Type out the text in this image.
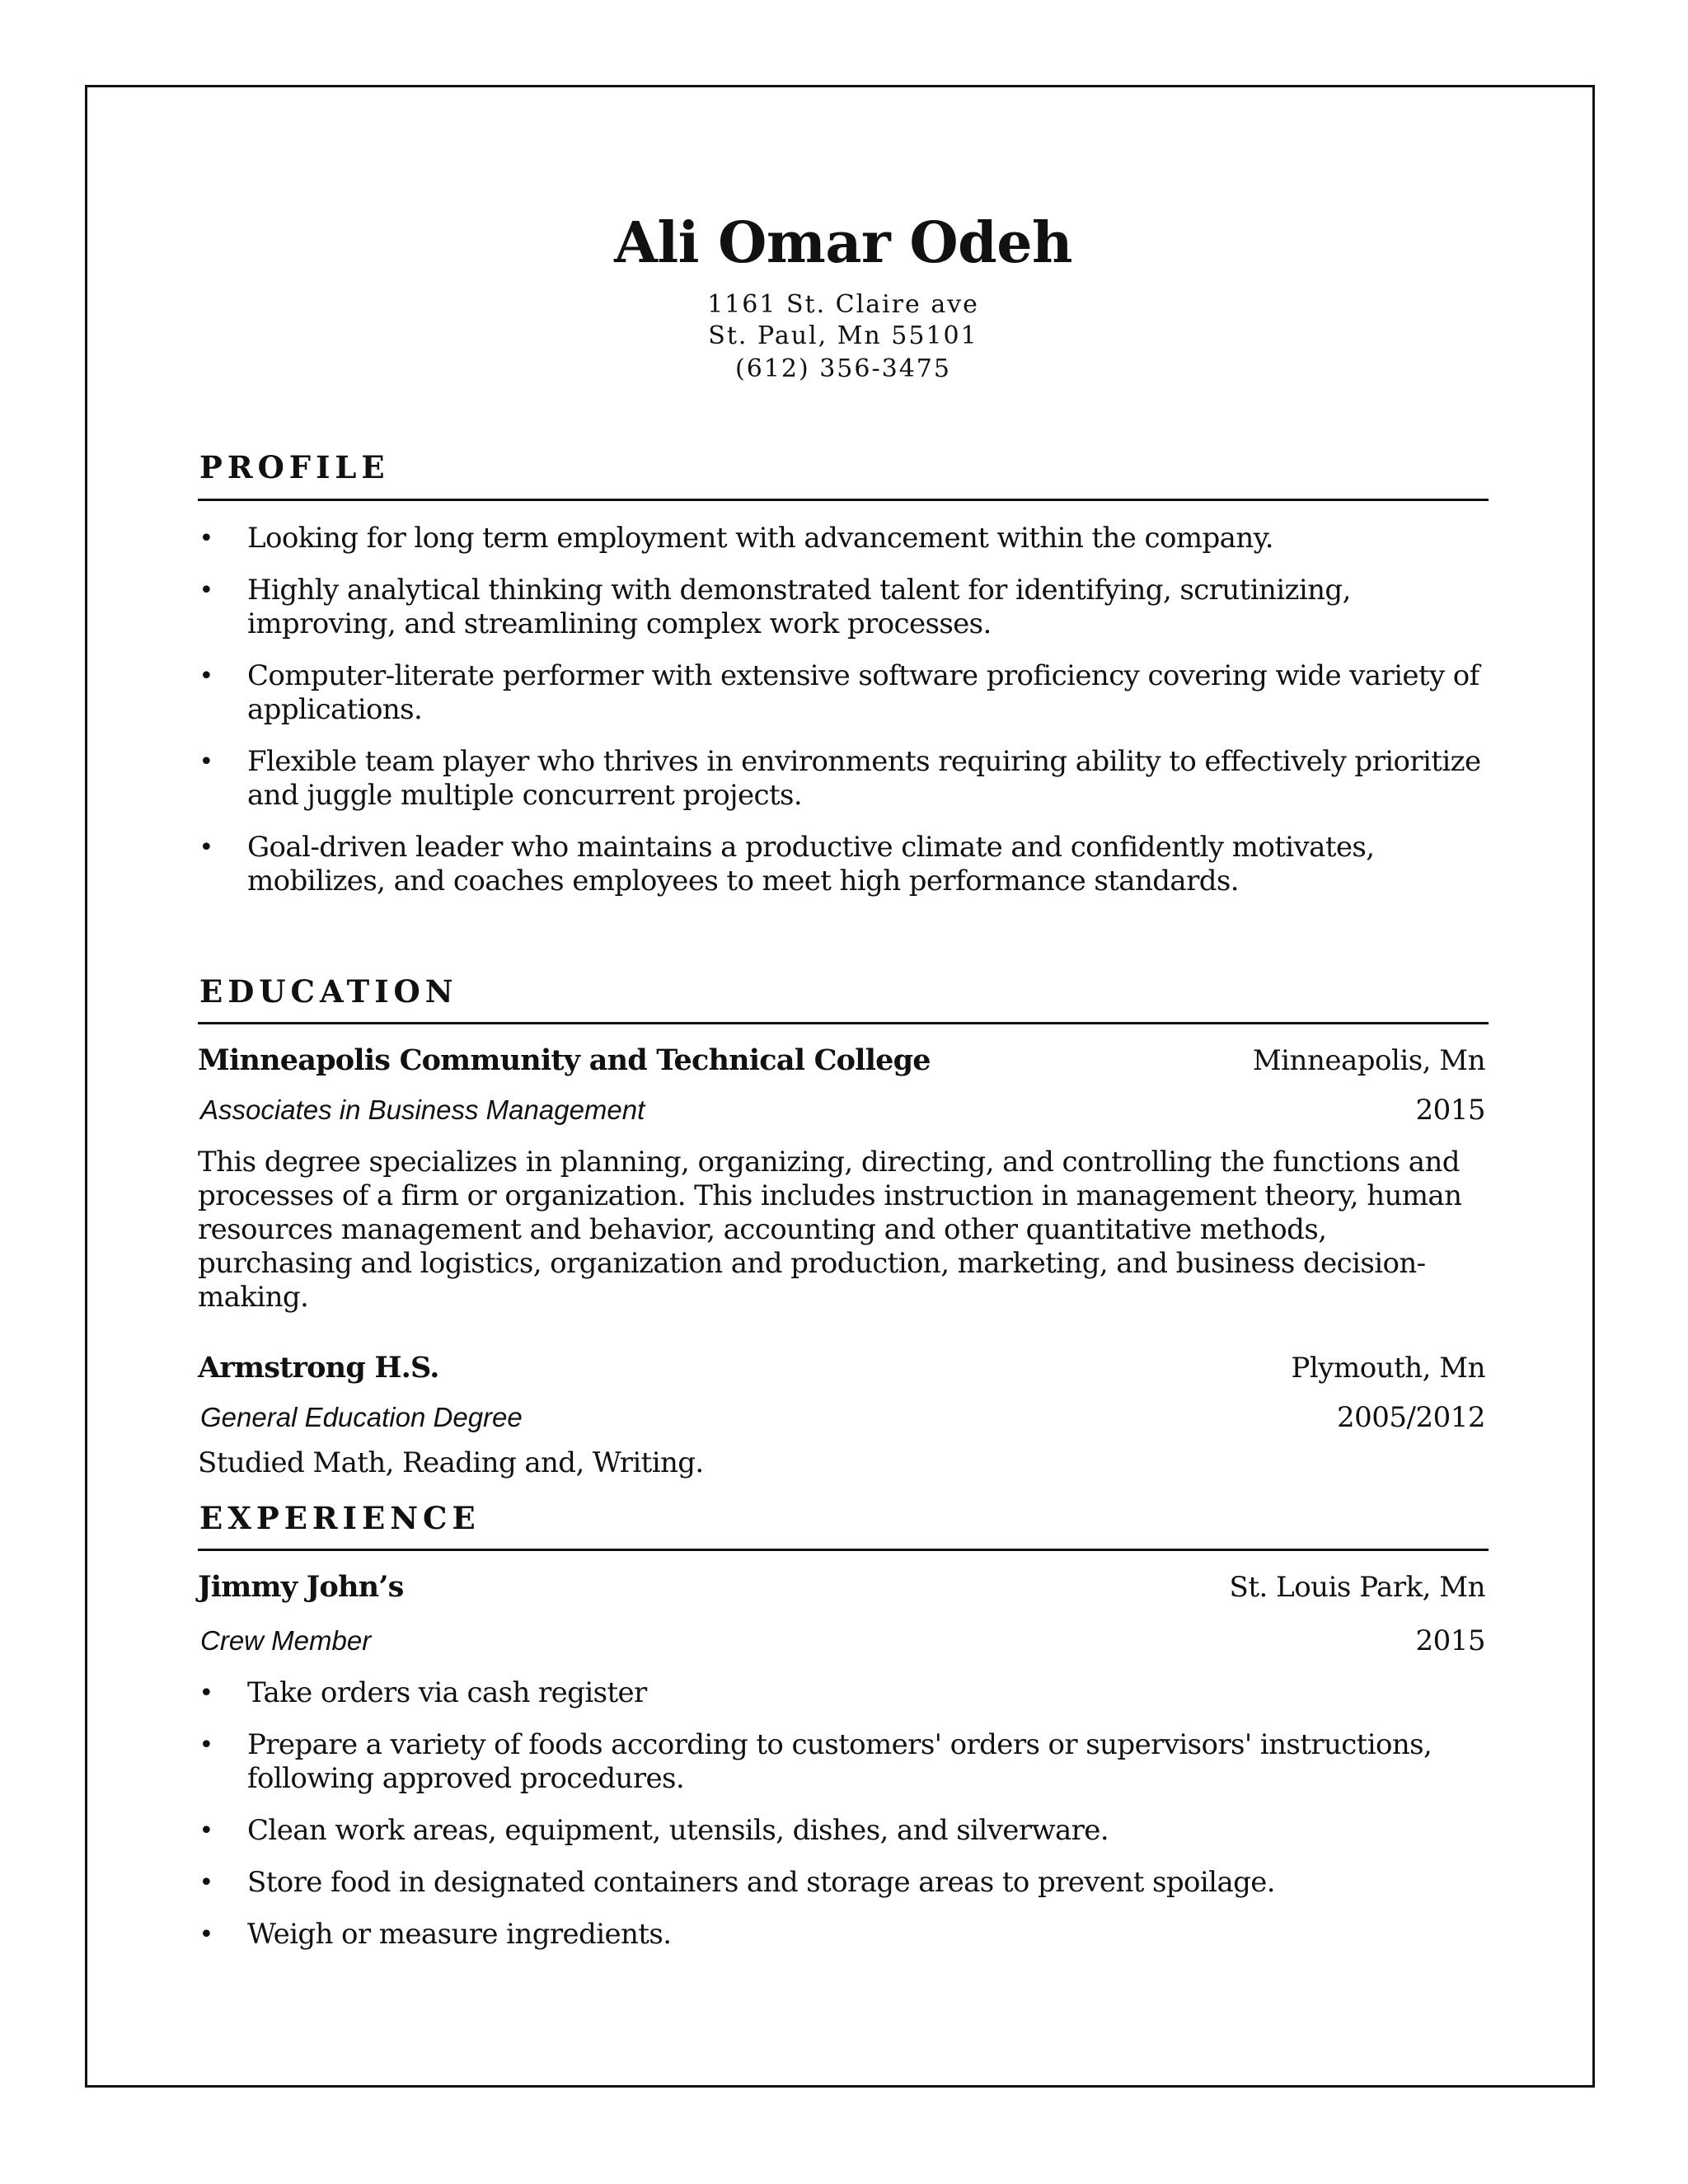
Ali Omar Odeh
1161 St. Claire ave
St. Paul, Mn 55101
(612) 356-3475
PROFILE
• Looking for long term employment with advancement within the company.
• Highly analytical thinking with demonstrated talent for identifying, scrutinizing, improving, and streamlining complex work processes.
• Computer-literate performer with extensive software proficiency covering wide variety of applications.
• Flexible team player who thrives in environments requiring ability to effectively prioritize and juggle multiple concurrent projects.
• Goal-driven leader who maintains a productive climate and confidently motivates, mobilizes, and coaches employees to meet high performance standards.
EDUCATION
Minneapolis Community and Technical College	Minneapolis, Mn
Associates in Business Management	2015
This degree specializes in planning, organizing, directing, and controlling the functions and processes of a firm or organization. This includes instruction in management theory, human resources management and behavior, accounting and other quantitative methods, purchasing and logistics, organization and production, marketing, and business decision-making.
Armstrong H.S.	Plymouth, Mn
General Education Degree	2005/2012
Studied Math, Reading and, Writing.
EXPERIENCE
Jimmy John’s	St. Louis Park, Mn
Crew Member	2015
• Take orders via cash register
• Prepare a variety of foods according to customers' orders or supervisors' instructions, following approved procedures.
• Clean work areas, equipment, utensils, dishes, and silverware.
• Store food in designated containers and storage areas to prevent spoilage.
• Weigh or measure ingredients.
